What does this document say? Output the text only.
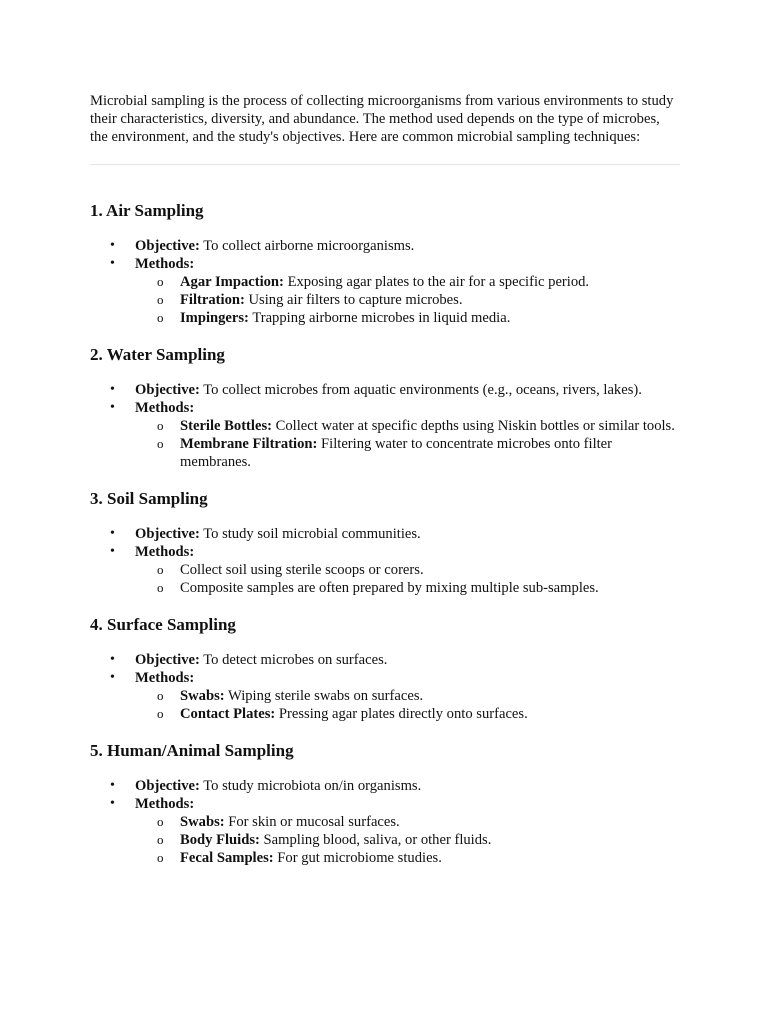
Microbial sampling is the process of collecting microorganisms from various environments to study their characteristics, diversity, and abundance. The method used depends on the type of microbes, the environment, and the study's objectives. Here are common microbial sampling techniques:

1. Air Sampling
• Objective: To collect airborne microorganisms.
• Methods:
o Agar Impaction: Exposing agar plates to the air for a specific period.
o Filtration: Using air filters to capture microbes.
o Impingers: Trapping airborne microbes in liquid media.
2. Water Sampling
• Objective: To collect microbes from aquatic environments (e.g., oceans, rivers, lakes).
• Methods:
o Sterile Bottles: Collect water at specific depths using Niskin bottles or similar tools.
o Membrane Filtration: Filtering water to concentrate microbes onto filter membranes.
3. Soil Sampling
• Objective: To study soil microbial communities.
• Methods:
o Collect soil using sterile scoops or corers.
o Composite samples are often prepared by mixing multiple sub-samples.
4. Surface Sampling
• Objective: To detect microbes on surfaces.
• Methods:
o Swabs: Wiping sterile swabs on surfaces.
o Contact Plates: Pressing agar plates directly onto surfaces.
5. Human/Animal Sampling
• Objective: To study microbiota on/in organisms.
• Methods:
o Swabs: For skin or mucosal surfaces.
o Body Fluids: Sampling blood, saliva, or other fluids.
o Fecal Samples: For gut microbiome studies.
